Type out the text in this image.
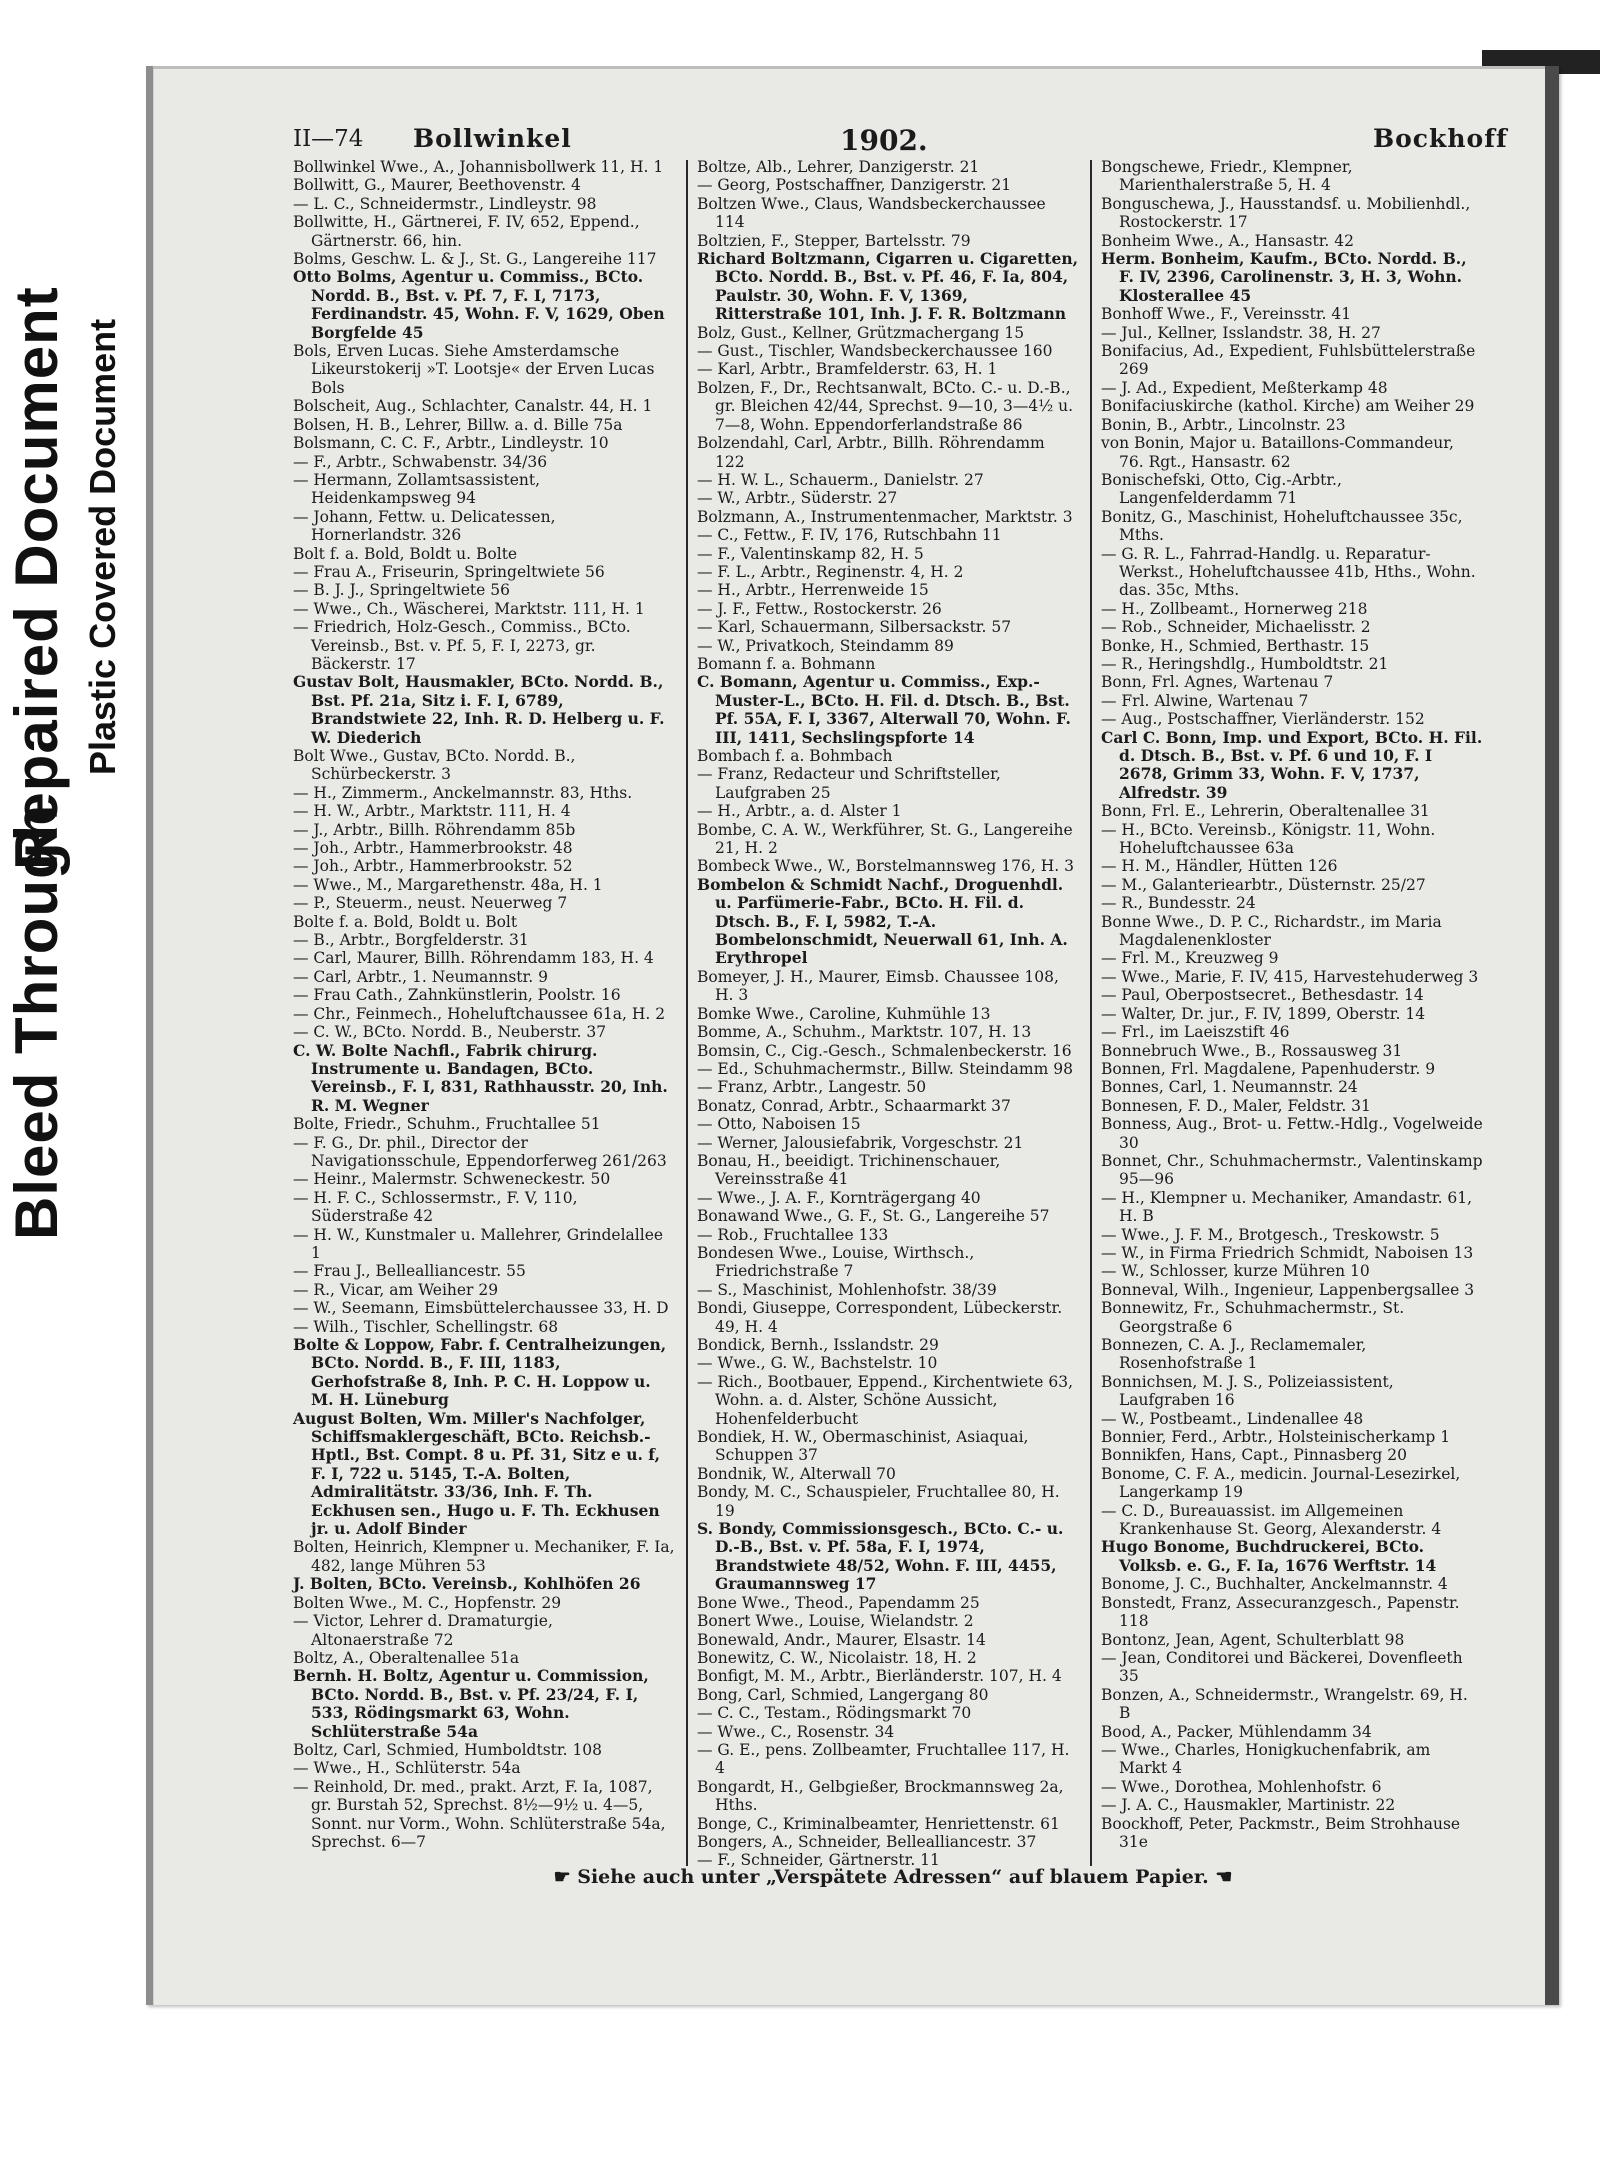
Bleed Through
Repaired Document Plastic Covered Document
II—74 Bollwinkel	1902.	Bockhoff

Bollwinkel Wwe., A., Johannisbollwerk 11, H. 1

Bollwitt, G., Maurer, Beethovenstr. 4

— L. C., Schneidermstr., Lindleystr. 98

Bollwitte, H., Gärtnerei, F. IV, 652, Eppend., Gärtnerstr. 66, hin.

Bolms, Geschw. L. & J., St. G., Langereihe 117

Otto Bolms, Agentur u. Commiss., BCto. Nordd. B., Bst. v. Pf. 7, F. I, 7173, Ferdinandstr. 45, Wohn. F. V, 1629, Oben Borgfelde 45

Bols, Erven Lucas. Siehe Amsterdamsche Likeurstokerij »T. Lootsje« der Erven Lucas Bols

Bolscheit, Aug., Schlachter, Canalstr. 44, H. 1

Bolsen, H. B., Lehrer, Billw. a. d. Bille 75a

Bolsmann, C. C. F., Arbtr., Lindleystr. 10

— F., Arbtr., Schwabenstr. 34/36

— Hermann, Zollamtsassistent, Heidenkampsweg 94

— Johann, Fettw. u. Delicatessen, Hornerlandstr. 326

Bolt f. a. Bold, Boldt u. Bolte

— Frau A., Friseurin, Springeltwiete 56

— B. J. J., Springeltwiete 56

— Wwe., Ch., Wäscherei, Marktstr. 111, H. 1

— Friedrich, Holz-Gesch., Commiss., BCto. Vereinsb., Bst. v. Pf. 5, F. I, 2273, gr. Bäckerstr. 17

Gustav Bolt, Hausmakler, BCto. Nordd. B., Bst. Pf. 21a, Sitz i. F. I, 6789, Brandstwiete 22, Inh. R. D. Helberg u. F. W. Diederich

Bolt Wwe., Gustav, BCto. Nordd. B., Schürbeckerstr. 3

— H., Zimmerm., Anckelmannstr. 83, Hths.

— H. W., Arbtr., Marktstr. 111, H. 4

— J., Arbtr., Billh. Röhrendamm 85b

— Joh., Arbtr., Hammerbrookstr. 48

— Joh., Arbtr., Hammerbrookstr. 52

— Wwe., M., Margarethenstr. 48a, H. 1

— P., Steuerm., neust. Neuerweg 7

Bolte f. a. Bold, Boldt u. Bolt

— B., Arbtr., Borgfelderstr. 31

— Carl, Maurer, Billh. Röhrendamm 183, H. 4

— Carl, Arbtr., 1. Neumannstr. 9

— Frau Cath., Zahnkünstlerin, Poolstr. 16

— Chr., Feinmech., Hoheluftchaussee 61a, H. 2

— C. W., BCto. Nordd. B., Neuberstr. 37

C. W. Bolte Nachfl., Fabrik chirurg. Instrumente u. Bandagen, BCto. Vereinsb., F. I, 831, Rathhausstr. 20, Inh. R. M. Wegner

Bolte, Friedr., Schuhm., Fruchtallee 51

— F. G., Dr. phil., Director der Navigationsschule, Eppendorferweg 261/263

— Heinr., Malermstr. Schweneckestr. 50

— H. F. C., Schlossermstr., F. V, 110, Süderstraße 42

— H. W., Kunstmaler u. Mallehrer, Grindelallee 1

— Frau J., Bellealliancestr. 55

— R., Vicar, am Weiher 29

— W., Seemann, Eimsbüttelerchaussee 33, H. D

— Wilh., Tischler, Schellingstr. 68

Bolte & Loppow, Fabr. f. Centralheizungen, BCto. Nordd. B., F. III, 1183, Gerhofstraße 8, Inh. P. C. H. Loppow u. M. H. Lüneburg

August Bolten, Wm. Miller's Nachfolger, Schiffsmaklergeschäft, BCto. Reichsb.-Hptl., Bst. Compt. 8 u. Pf. 31, Sitz e u. f, F. I, 722 u. 5145, T.-A. Bolten, Admiralitätstr. 33/36, Inh. F. Th. Eckhusen sen., Hugo u. F. Th. Eckhusen jr. u. Adolf Binder

Bolten, Heinrich, Klempner u. Mechaniker, F. Ia, 482, lange Mühren 53

J. Bolten, BCto. Vereinsb., Kohlhöfen 26

Bolten Wwe., M. C., Hopfenstr. 29

— Victor, Lehrer d. Dramaturgie, Altonaerstraße 72

Boltz, A., Oberaltenallee 51a

Bernh. H. Boltz, Agentur u. Commission, BCto. Nordd. B., Bst. v. Pf. 23/24, F. I, 533, Rödingsmarkt 63, Wohn. Schlüterstraße 54a

Boltz, Carl, Schmied, Humboldtstr. 108

— Wwe., H., Schlüterstr. 54a

— Reinhold, Dr. med., prakt. Arzt, F. Ia, 1087, gr. Burstah 52, Sprechst. 8½—9½ u. 4—5, Sonnt. nur Vorm., Wohn. Schlüterstraße 54a, Sprechst. 6—7

Boltze, Alb., Lehrer, Danzigerstr. 21

— Georg, Postschaffner, Danzigerstr. 21

Boltzen Wwe., Claus, Wandsbeckerchaussee 114

Boltzien, F., Stepper, Bartelsstr. 79

Richard Boltzmann, Cigarren u. Cigaretten, BCto. Nordd. B., Bst. v. Pf. 46, F. Ia, 804, Paulstr. 30, Wohn. F. V, 1369, Ritterstraße 101, Inh. J. F. R. Boltzmann

Bolz, Gust., Kellner, Grützmachergang 15

— Gust., Tischler, Wandsbeckerchaussee 160

— Karl, Arbtr., Bramfelderstr. 63, H. 1

Bolzen, F., Dr., Rechtsanwalt, BCto. C.- u. D.-B., gr. Bleichen 42/44, Sprechst. 9—10, 3—4½ u. 7—8, Wohn. Eppendorferlandstraße 86

Bolzendahl, Carl, Arbtr., Billh. Röhrendamm 122

— H. W. L., Schauerm., Danielstr. 27

— W., Arbtr., Süderstr. 27

Bolzmann, A., Instrumentenmacher, Marktstr. 3

— C., Fettw., F. IV, 176, Rutschbahn 11

— F., Valentinskamp 82, H. 5

— F. L., Arbtr., Reginenstr. 4, H. 2

— H., Arbtr., Herrenweide 15

— J. F., Fettw., Rostockerstr. 26

— Karl, Schauermann, Silbersackstr. 57

— W., Privatkoch, Steindamm 89

Bomann f. a. Bohmann

C. Bomann, Agentur u. Commiss., Exp.-Muster-L., BCto. H. Fil. d. Dtsch. B., Bst. Pf. 55A, F. I, 3367, Alterwall 70, Wohn. F. III, 1411, Sechslingspforte 14

Bombach f. a. Bohmbach

— Franz, Redacteur und Schriftsteller, Laufgraben 25

— H., Arbtr., a. d. Alster 1

Bombe, C. A. W., Werkführer, St. G., Langereihe 21, H. 2

Bombeck Wwe., W., Borstelmannsweg 176, H. 3

Bombelon & Schmidt Nachf., Droguenhdl. u. Parfümerie-Fabr., BCto. H. Fil. d. Dtsch. B., F. I, 5982, T.-A. Bombelonschmidt, Neuerwall 61, Inh. A. Erythropel

Bomeyer, J. H., Maurer, Eimsb. Chaussee 108, H. 3

Bomke Wwe., Caroline, Kuhmühle 13

Bomme, A., Schuhm., Marktstr. 107, H. 13

Bomsin, C., Cig.-Gesch., Schmalenbeckerstr. 16

— Ed., Schuhmachermstr., Billw. Steindamm 98

— Franz, Arbtr., Langestr. 50

Bonatz, Conrad, Arbtr., Schaarmarkt 37

— Otto, Naboisen 15

— Werner, Jalousiefabrik, Vorgeschstr. 21

Bonau, H., beeidigt. Trichinenschauer, Vereinsstraße 41

— Wwe., J. A. F., Kornträgergang 40

Bonawand Wwe., G. F., St. G., Langereihe 57

— Rob., Fruchtallee 133

Bondesen Wwe., Louise, Wirthsch., Friedrichstraße 7

— S., Maschinist, Mohlenhofstr. 38/39

Bondi, Giuseppe, Correspondent, Lübeckerstr. 49, H. 4

Bondick, Bernh., Isslandstr. 29

— Wwe., G. W., Bachstelstr. 10

— Rich., Bootbauer, Eppend., Kirchentwiete 63, Wohn. a. d. Alster, Schöne Aussicht, Hohenfelderbucht

Bondiek, H. W., Obermaschinist, Asiaquai, Schuppen 37

Bondnik, W., Alterwall 70

Bondy, M. C., Schauspieler, Fruchtallee 80, H. 19

S. Bondy, Commissionsgesch., BCto. C.- u. D.-B., Bst. v. Pf. 58a, F. I, 1974, Brandstwiete 48/52, Wohn. F. III, 4455, Graumannsweg 17

Bone Wwe., Theod., Papendamm 25

Bonert Wwe., Louise, Wielandstr. 2

Bonewald, Andr., Maurer, Elsastr. 14

Bonewitz, C. W., Nicolaistr. 18, H. 2

Bonfigt, M. M., Arbtr., Bierländerstr. 107, H. 4

Bong, Carl, Schmied, Langergang 80

— C. C., Testam., Rödingsmarkt 70

— Wwe., C., Rosenstr. 34

— G. E., pens. Zollbeamter, Fruchtallee 117, H. 4

Bongardt, H., Gelbgießer, Brockmannsweg 2a, Hths.

Bonge, C., Kriminalbeamter, Henriettenstr. 61

Bongers, A., Schneider, Bellealliancestr. 37

— F., Schneider, Gärtnerstr. 11

Bongschewe, Friedr., Klempner, Marienthalerstraße 5, H. 4

Bonguschewa, J., Hausstandsf. u. Mobilienhdl., Rostockerstr. 17

Bonheim Wwe., A., Hansastr. 42

Herm. Bonheim, Kaufm., BCto. Nordd. B., F. IV, 2396, Carolinenstr. 3, H. 3, Wohn. Klosterallee 45

Bonhoff Wwe., F., Vereinsstr. 41

— Jul., Kellner, Isslandstr. 38, H. 27

Bonifacius, Ad., Expedient, Fuhlsbüttelerstraße 269

— J. Ad., Expedient, Meßterkamp 48

Bonifaciuskirche (kathol. Kirche) am Weiher 29

Bonin, B., Arbtr., Lincolnstr. 23

von Bonin, Major u. Bataillons-Commandeur, 76. Rgt., Hansastr. 62

Bonischefski, Otto, Cig.-Arbtr., Langenfelderdamm 71

Bonitz, G., Maschinist, Hoheluftchaussee 35c, Mths.

— G. R. L., Fahrrad-Handlg. u. Reparatur-Werkst., Hoheluftchaussee 41b, Hths., Wohn. das. 35c, Mths.

— H., Zollbeamt., Hornerweg 218

— Rob., Schneider, Michaelisstr. 2

Bonke, H., Schmied, Berthastr. 15

— R., Heringshdlg., Humboldtstr. 21

Bonn, Frl. Agnes, Wartenau 7

— Frl. Alwine, Wartenau 7

— Aug., Postschaffner, Vierländerstr. 152

Carl C. Bonn, Imp. und Export, BCto. H. Fil. d. Dtsch. B., Bst. v. Pf. 6 und 10, F. I 2678, Grimm 33, Wohn. F. V, 1737, Alfredstr. 39

Bonn, Frl. E., Lehrerin, Oberaltenallee 31

— H., BCto. Vereinsb., Königstr. 11, Wohn. Hoheluftchaussee 63a

— H. M., Händler, Hütten 126

— M., Galanteriearbtr., Düsternstr. 25/27

— R., Bundesstr. 24

Bonne Wwe., D. P. C., Richardstr., im Maria Magdalenenkloster

— Frl. M., Kreuzweg 9

— Wwe., Marie, F. IV, 415, Harvestehuderweg 3

— Paul, Oberpostsecret., Bethesdastr. 14

— Walter, Dr. jur., F. IV, 1899, Oberstr. 14

— Frl., im Laeiszstift 46

Bonnebruch Wwe., B., Rossausweg 31

Bonnen, Frl. Magdalene, Papenhuderstr. 9

Bonnes, Carl, 1. Neumannstr. 24

Bonnesen, F. D., Maler, Feldstr. 31

Bonness, Aug., Brot- u. Fettw.-Hdlg., Vogelweide 30

Bonnet, Chr., Schuhmachermstr., Valentinskamp 95—96

— H., Klempner u. Mechaniker, Amandastr. 61, H. B

— Wwe., J. F. M., Brotgesch., Treskowstr. 5

— W., in Firma Friedrich Schmidt, Naboisen 13

— W., Schlosser, kurze Mühren 10

Bonneval, Wilh., Ingenieur, Lappenbergsallee 3

Bonnewitz, Fr., Schuhmachermstr., St. Georgstraße 6

Bonnezen, C. A. J., Reclamemaler, Rosenhofstraße 1

Bonnichsen, M. J. S., Polizeiassistent, Laufgraben 16

— W., Postbeamt., Lindenallee 48

Bonnier, Ferd., Arbtr., Holsteinischerkamp 1

Bonnikfen, Hans, Capt., Pinnasberg 20

Bonome, C. F. A., medicin. Journal-Lesezirkel, Langerkamp 19

— C. D., Bureauassist. im Allgemeinen Krankenhause St. Georg, Alexanderstr. 4

Hugo Bonome, Buchdruckerei, BCto. Volksb. e. G., F. Ia, 1676 Werftstr. 14

Bonome, J. C., Buchhalter, Anckelmannstr. 4

Bonstedt, Franz, Assecuranzgesch., Papenstr. 118

Bontonz, Jean, Agent, Schulterblatt 98

— Jean, Conditorei und Bäckerei, Dovenfleeth 35

Bonzen, A., Schneidermstr., Wrangelstr. 69, H. B

Bood, A., Packer, Mühlendamm 34

— Wwe., Charles, Honigkuchenfabrik, am Markt 4

— Wwe., Dorothea, Mohlenhofstr. 6

— J. A. C., Hausmakler, Martinistr. 22

Boockhoff, Peter, Packmstr., Beim Strohhause 31e

☛ Siehe auch unter „Verspätete Adressen“ auf blauem Papier. ☚
